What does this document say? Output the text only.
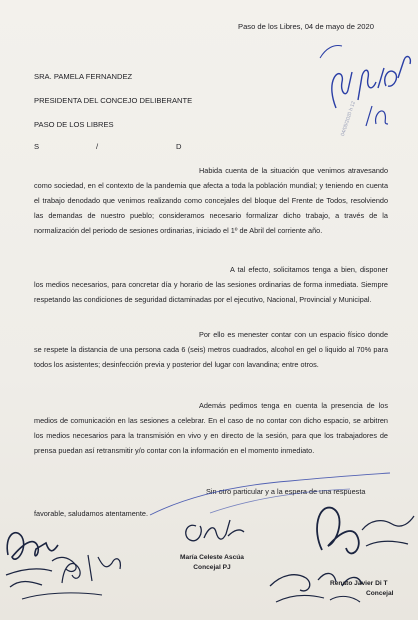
Paso de los Libres, 04 de mayo de 2020
04/05/2020 h 12
SRA. PAMELA FERNANDEZ
PRESIDENTA DEL CONCEJO DELIBERANTE
PASO DE LOS LIBRES
S	/	D

Habida cuenta de la situación que venimos atravesando como sociedad, en el contexto de la pandemia que afecta a toda la población mundial; y teniendo en cuenta el trabajo denodado que venimos realizando como concejales del bloque del Frente de Todos, resolviendo las demandas de nuestro pueblo; consideramos necesario formalizar dicho trabajo, a través de la normalización del periodo de sesiones ordinarias, iniciado el 1º de Abril del corriente año.

A tal efecto, solicitamos tenga a bien, disponer los medios necesarios, para concretar día y horario de las sesiones ordinarias de forma inmediata. Siempre respetando las condiciones de seguridad dictaminadas por el ejecutivo, Nacional, Provincial y Municipal.

Por ello es menester contar con un espacio físico donde se respete la distancia de una persona cada 6 (seis) metros cuadrados, alcohol en gel o liquido al 70% para todos los asistentes; desinfección previa y posterior del lugar con lavandina; entre otros.

Además pedimos tenga en cuenta la presencia de los medios de comunicación en las sesiones a celebrar. En el caso de no contar con dicho espacio, se arbitren los medios necesarios para la transmisión en vivo y en directo de la sesión, para que los trabajadores de prensa puedan así retransmitir y/o contar con la información en el momento inmediato.

Sin otro particular y a la espera de una respuesta
favorable, saludamos atentamente.
María Celeste Ascúa
Concejal PJ
Renato Javier Di T
Concejal
